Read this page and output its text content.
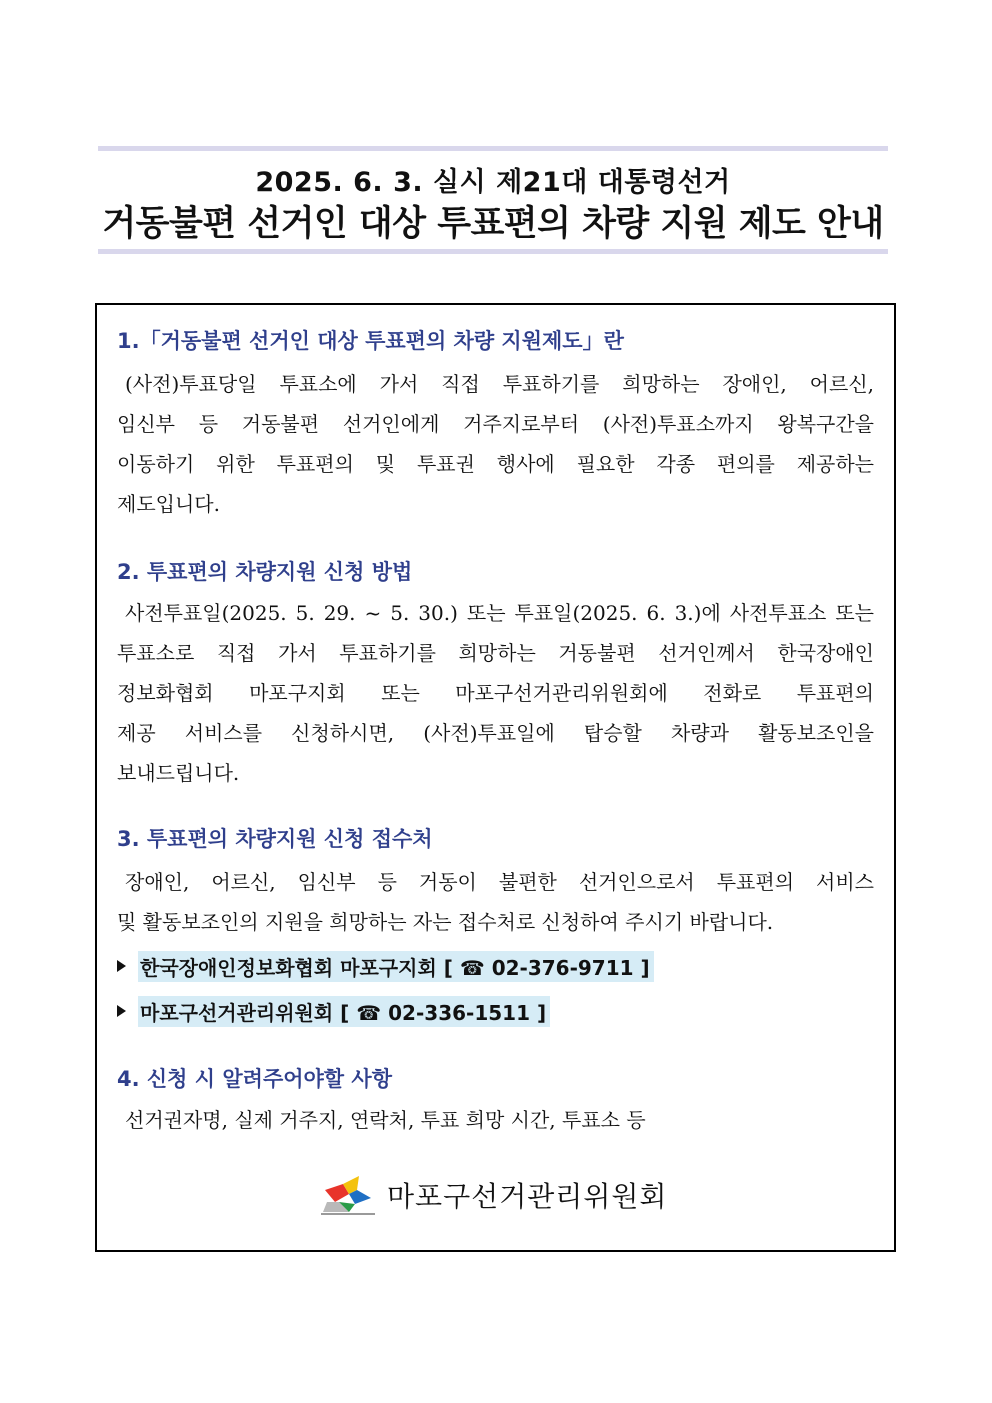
2025. 6. 3. 실시 제21대 대통령선거
거동불편 선거인 대상 투표편의 차량 지원 제도 안내
1.「거동불편 선거인 대상 투표편의 차량 지원제도」란
(사전)투표당일 투표소에 가서 직접 투표하기를 희망하는 장애인, 어르신,
임신부 등 거동불편 선거인에게 거주지로부터 (사전)투표소까지 왕복구간을
이동하기 위한 투표편의 및 투표권 행사에 필요한 각종 편의를 제공하는
제도입니다.
2. 투표편의 차량지원 신청 방법
사전투표일(2025. 5. 29. ~ 5. 30.) 또는 투표일(2025. 6. 3.)에 사전투표소 또는
투표소로 직접 가서 투표하기를 희망하는 거동불편 선거인께서 한국장애인
정보화협회 마포구지회 또는 마포구선거관리위원회에 전화로 투표편의
제공 서비스를 신청하시면, (사전)투표일에 탑승할 차량과 활동보조인을
보내드립니다.
3. 투표편의 차량지원 신청 접수처
장애인, 어르신, 임신부 등 거동이 불편한 선거인으로서 투표편의 서비스
및 활동보조인의 지원을 희망하는 자는 접수처로 신청하여 주시기 바랍니다.
한국장애인정보화협회 마포구지회 [ ☎ 02-376-9711 ]
마포구선거관리위원회 [ ☎ 02-336-1511 ]
4. 신청 시 알려주어야할 사항
선거권자명, 실제 거주지, 연락처, 투표 희망 시간, 투표소 등
마포구선거관리위원회
